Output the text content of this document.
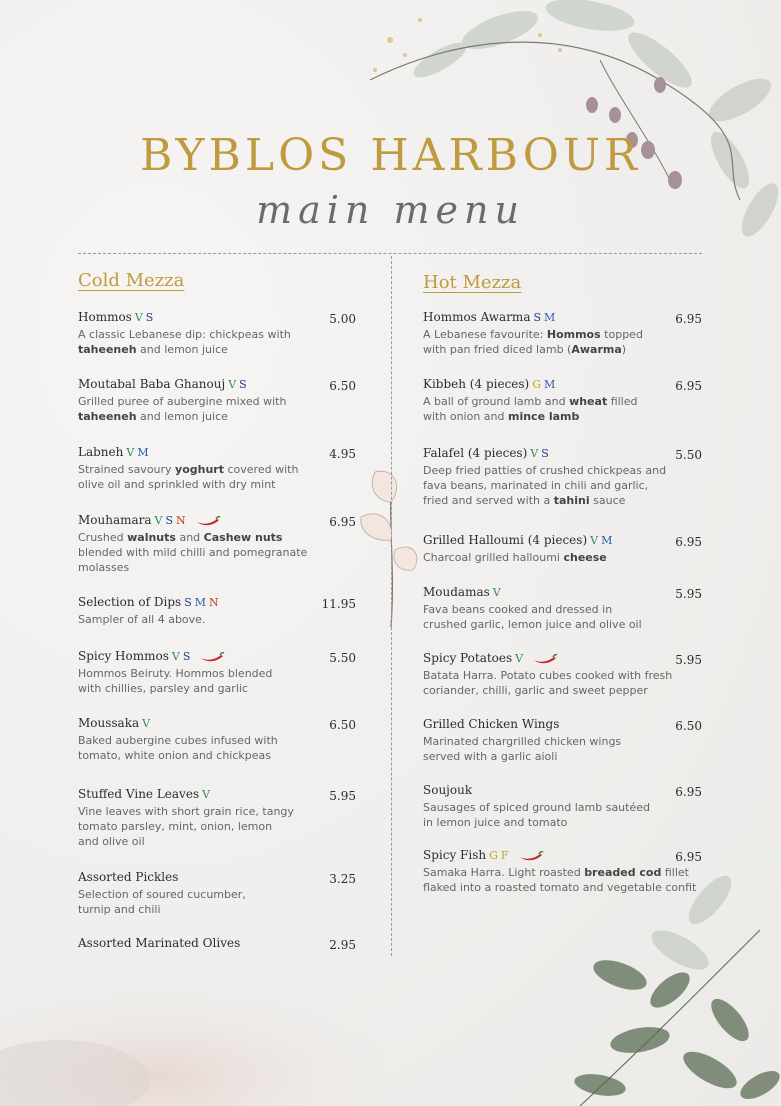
BYBLOS HARBOUR
main menu
Cold Mezza	Hot Mezza
Hommos V S
A classic Lebanese dip: chickpeas with
taheeneh and lemon juice
5.00
Moutabal Baba Ghanouj V S
Grilled puree of aubergine mixed with
taheeneh and lemon juice
6.50
Labneh V M
Strained savoury yoghurt covered with
olive oil and sprinkled with dry mint
4.95
Mouhamara V S N
Crushed walnuts and Cashew nuts
blended with mild chilli and pomegranate
molasses
6.95
Selection of Dips S M N
Sampler of all 4 above.
11.95
Spicy Hommos V S
Hommos Beiruty. Hommos blended
with chillies, parsley and garlic
5.50
Moussaka V
Baked aubergine cubes infused with
tomato, white onion and chickpeas
6.50
Stuffed Vine Leaves V
Vine leaves with short grain rice, tangy
tomato parsley, mint, onion, lemon
and olive oil
5.95
Assorted Pickles
Selection of soured cucumber,
turnip and chili
3.25
Assorted Marinated Olives	2.95
Hommos Awarma S M
A Lebanese favourite: Hommos topped
with pan fried diced lamb (Awarma)
6.95
Kibbeh (4 pieces) G M
A ball of ground lamb and wheat filled
with onion and mince lamb
6.95
Falafel (4 pieces) V S
Deep fried patties of crushed chickpeas and
fava beans, marinated in chili and garlic,
fried and served with a tahini sauce
5.50
Grilled Halloumi (4 pieces) V M
Charcoal grilled halloumi cheese
6.95
Moudamas V
Fava beans cooked and dressed in
crushed garlic, lemon juice and olive oil
5.95
Spicy Potatoes V
Batata Harra. Potato cubes cooked with fresh
coriander, chilli, garlic and sweet pepper
5.95
Grilled Chicken Wings
Marinated chargrilled chicken wings
served with a garlic aioli
6.50
Soujouk
Sausages of spiced ground lamb sautéed
in lemon juice and tomato
6.95
Spicy Fish G F
Samaka Harra. Light roasted breaded cod fillet
flaked into a roasted tomato and vegetable confit
6.95
